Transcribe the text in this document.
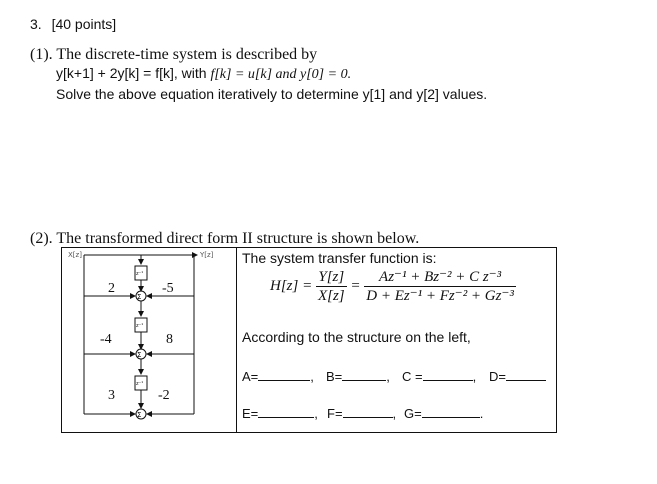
3. [40 points]
(1). The discrete-time system is described by
y[k+1] + 2y[k] = f[k], with f[k] = u[k] and y[0] = 0.
Solve the above equation iteratively to determine y[1] and y[2] values.
(2). The transformed direct form II structure is shown below.
Σ
Σ
Σ
z⁻¹
z⁻¹
z⁻¹
X[z]	Y[z]
2
-4
3
-5
8
-2
The system transfer function is:
$H[z] = \frac{Y[z]}{X[z]} = \frac{\text{Az⁻¹ + Bz⁻² + C z⁻³}}{\text{D + Ez⁻¹ + Fz⁻² + Gz⁻³}}$
According to the structure on the left,
A=	, B=	, C =	, D=
E=	, F=	, G=	.
